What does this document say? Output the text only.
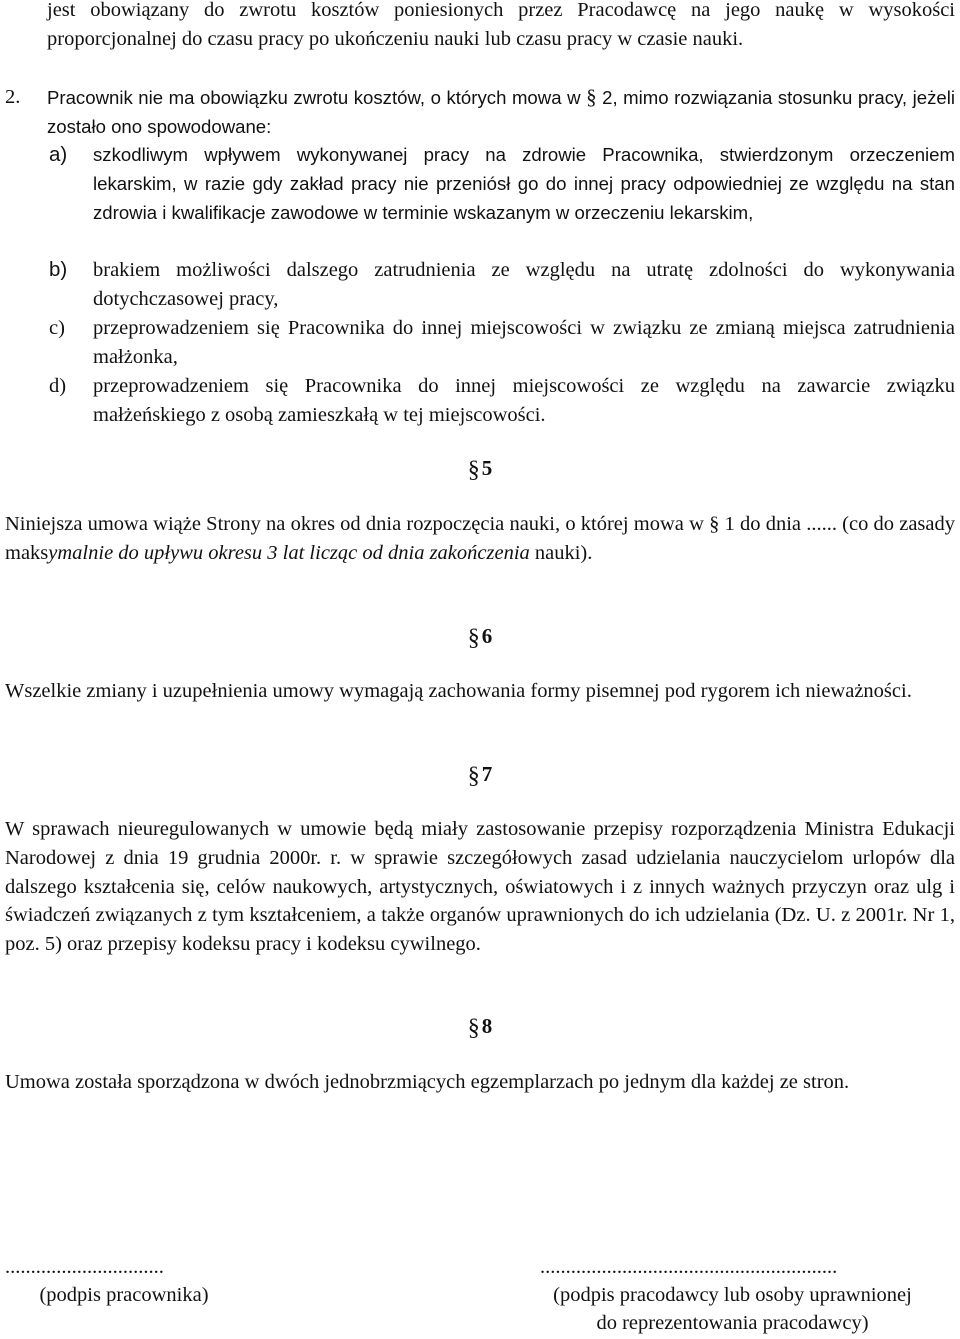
jest obowiązany do zwrotu kosztów poniesionych przez Pracodawcę na jego naukę w wysokości proporcjonalnej do czasu pracy po ukończeniu nauki lub czasu pracy w czasie nauki.
2. Pracownik nie ma obowiązku zwrotu kosztów, o których mowa w § 2, mimo rozwiązania stosunku pracy, jeżeli zostało ono spowodowane:
a) szkodliwym wpływem wykonywanej pracy na zdrowie Pracownika, stwierdzonym orzeczeniem lekarskim, w razie gdy zakład pracy nie przeniósł go do innej pracy odpowiedniej ze względu na stan zdrowia i kwalifikacje zawodowe w terminie wskazanym w orzeczeniu lekarskim,
b) brakiem możliwości dalszego zatrudnienia ze względu na utratę zdolności do wykonywania dotychczasowej pracy,
c) przeprowadzeniem się Pracownika do innej miejscowości w związku ze zmianą miejsca zatrudnienia małżonka,
d) przeprowadzeniem się Pracownika do innej miejscowości ze względu na zawarcie związku małżeńskiego z osobą zamieszkałą w tej miejscowości.
§5
Niniejsza umowa wiąże Strony na okres od dnia rozpoczęcia nauki, o której mowa w § 1 do dnia ...... (co do zasady maksymalnie do upływu okresu 3 lat licząc od dnia zakończenia nauki).
§6
Wszelkie zmiany i uzupełnienia umowy wymagają zachowania formy pisemnej pod rygorem ich nieważności.
§7
W sprawach nieuregulowanych w umowie będą miały zastosowanie przepisy rozporządzenia Ministra Edukacji Narodowej z dnia 19 grudnia 2000r. r. w sprawie szczegółowych zasad udzielania nauczycielom urlopów dla dalszego kształcenia się, celów naukowych, artystycznych, oświatowych i z innych ważnych przyczyn oraz ulg i świadczeń związanych z tym kształceniem, a także organów uprawnionych do ich udzielania (Dz. U. z 2001r. Nr 1, poz. 5) oraz przepisy kodeksu pracy i kodeksu cywilnego.
§8
Umowa została sporządzona w dwóch jednobrzmiących egzemplarzach po jednym dla każdej ze stron.
...............................
(podpis pracownika)
..........................................................
(podpis pracodawcy lub osoby uprawnionej
do reprezentowania pracodawcy)
